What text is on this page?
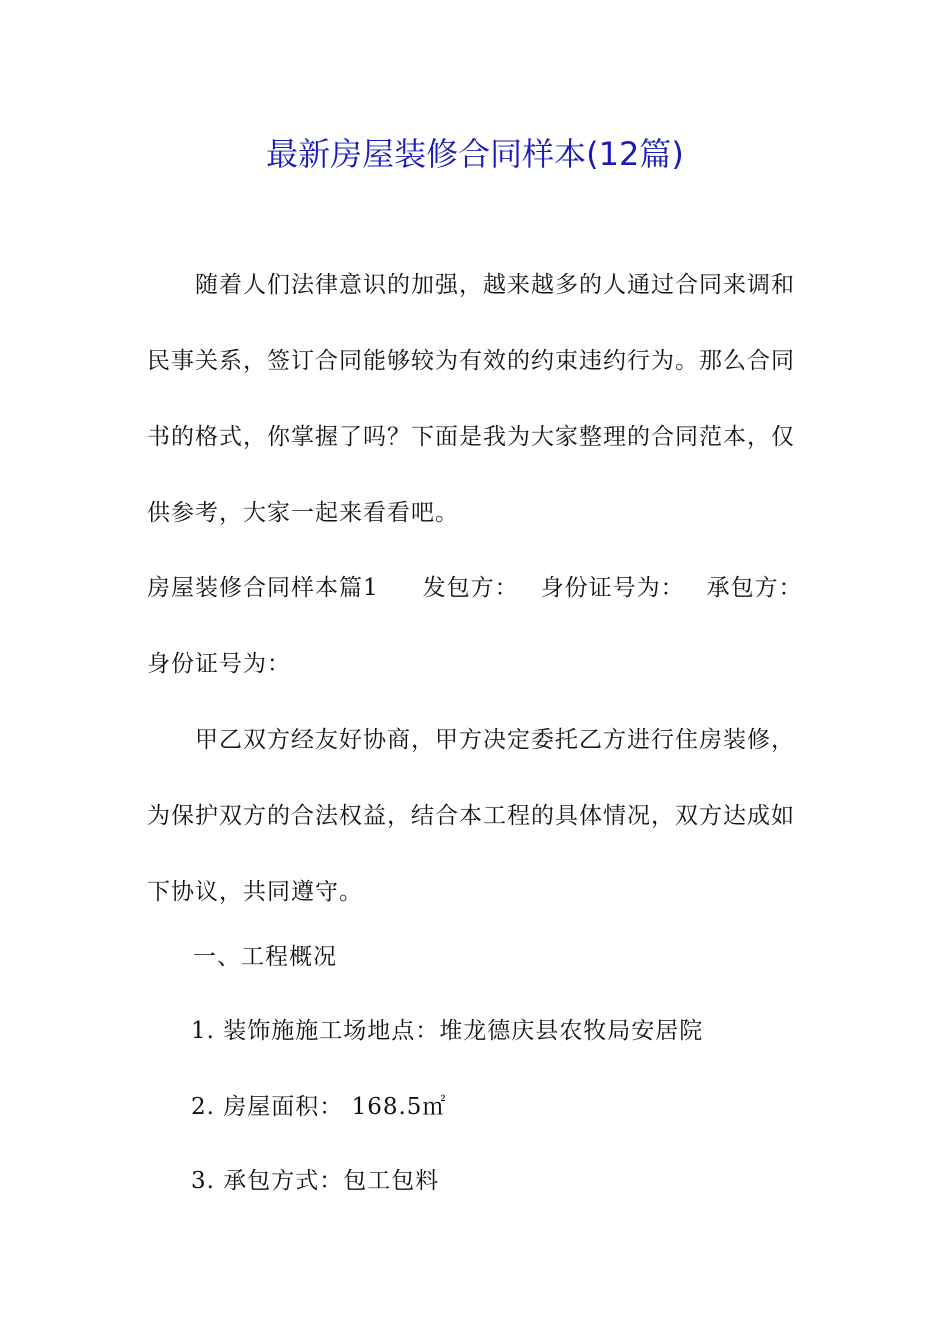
最新房屋装修合同样本(12篇)

随着人们法律意识的加强，越来越多的人通过合同来调和民事关系，签订合同能够较为有效的约束违约行为。那么合同书的格式，你掌握了吗？下面是我为大家整理的合同范本，仅供参考，大家一起来看看吧。

房屋装修合同样本篇1 发包方： 身份证号为： 承包方：身份证号为：

甲乙双方经友好协商，甲方决定委托乙方进行住房装修，为保护双方的合法权益，结合本工程的具体情况，双方达成如下协议，共同遵守。

一、工程概况

1. 装饰施施工场地点：堆龙德庆县农牧局安居院

2. 房屋面积： 168.5㎡

3. 承包方式：包工包料
